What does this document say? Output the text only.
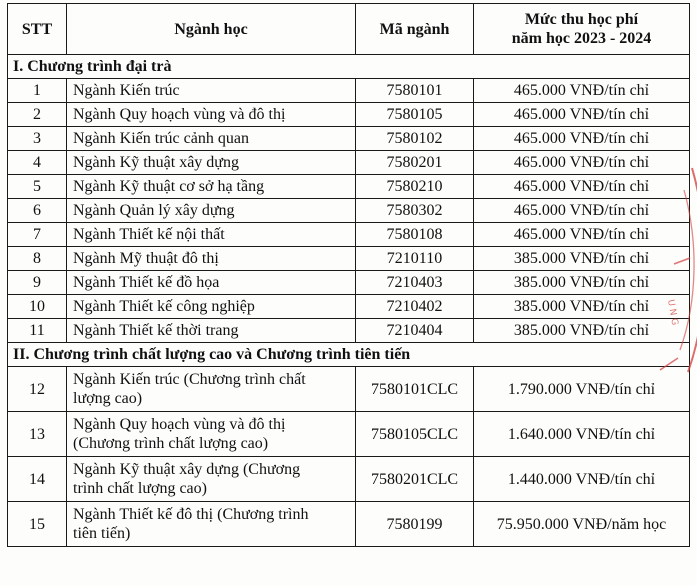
STT	Ngành học	Mã ngành	Mức thu học phí
năm học 2023 - 2024
I. Chương trình đại trà			
1	Ngành Kiến trúc	7580101	465.000 VNĐ/tín chỉ
2	Ngành Quy hoạch vùng và đô thị	7580105	465.000 VNĐ/tín chỉ
3	Ngành Kiến trúc cảnh quan	7580102	465.000 VNĐ/tín chỉ
4	Ngành Kỹ thuật xây dựng	7580201	465.000 VNĐ/tín chỉ
5	Ngành Kỹ thuật cơ sở hạ tầng	7580210	465.000 VNĐ/tín chỉ
6	Ngành Quản lý xây dựng	7580302	465.000 VNĐ/tín chỉ
7	Ngành Thiết kế nội thất	7580108	465.000 VNĐ/tín chỉ
8	Ngành Mỹ thuật đô thị	7210110	385.000 VNĐ/tín chỉ
9	Ngành Thiết kế đồ họa	7210403	385.000 VNĐ/tín chỉ
10	Ngành Thiết kế công nghiệp	7210402	385.000 VNĐ/tín chỉ
11	Ngành Thiết kế thời trang	7210404	385.000 VNĐ/tín chỉ
II. Chương trình chất lượng cao và Chương trình tiên tiến			
12	Ngành Kiến trúc (Chương trình chất
lượng cao)	7580101CLC	1.790.000 VNĐ/tín chỉ
13	Ngành Quy hoạch vùng và đô thị
(Chương trình chất lượng cao)	7580105CLC	1.640.000 VNĐ/tín chỉ
14	Ngành Kỹ thuật xây dựng (Chương
trình chất lượng cao)	7580201CLC	1.440.000 VNĐ/tín chỉ
15	Ngành Thiết kế đô thị (Chương trình
tiên tiến)	7580199	75.950.000 VNĐ/năm học
U N G
